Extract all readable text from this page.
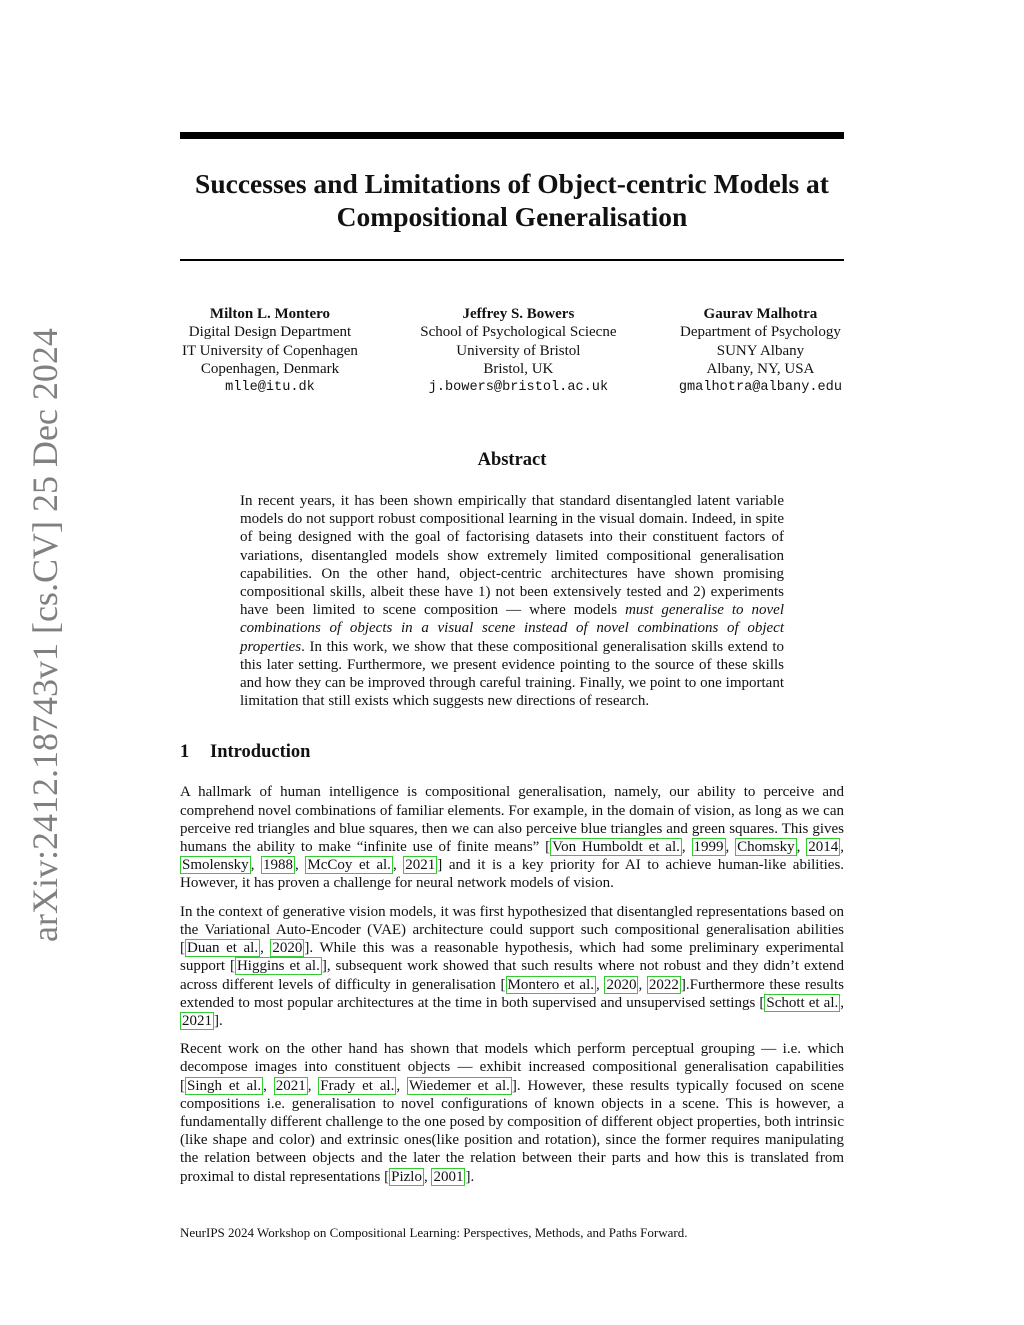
arXiv:2412.18743v1 [cs.CV] 25 Dec 2024
Successes and Limitations of Object-centric Models at
Compositional Generalisation
Milton L. Montero
Digital Design Department
IT University of Copenhagen
Copenhagen, Denmark
mlle@itu.dk
Jeffrey S. Bowers
School of Psychological Sciecne
University of Bristol
Bristol, UK
j.bowers@bristol.ac.uk
Gaurav Malhotra
Department of Psychology
SUNY Albany
Albany, NY, USA
gmalhotra@albany.edu
Abstract
In recent years, it has been shown empirically that standard disentangled latent variable models do not support robust compositional learning in the visual domain. Indeed, in spite of being designed with the goal of factorising datasets into their constituent factors of variations, disentangled models show extremely limited compositional generalisation capabilities. On the other hand, object-centric architectures have shown promising compositional skills, albeit these have 1) not been extensively tested and 2) experiments have been limited to scene composition — where models must generalise to novel combinations of objects in a visual scene instead of novel combinations of object properties. In this work, we show that these compositional generalisation skills extend to this later setting. Furthermore, we present evidence pointing to the source of these skills and how they can be improved through careful training. Finally, we point to one important limitation that still exists which suggests new directions of research.
1 Introduction
A hallmark of human intelligence is compositional generalisation, namely, our ability to perceive and comprehend novel combinations of familiar elements. For example, in the domain of vision, as long as we can perceive red triangles and blue squares, then we can also perceive blue triangles and green squares. This gives humans the ability to make “infinite use of finite means” [ Von Humboldt et al. , 1999 , Chomsky , 2014 , Smolensky , 1988 , McCoy et al. , 2021 ] and it is a key priority for AI to achieve human-like abilities. However, it has proven a challenge for neural network models of vision.
In the context of generative vision models, it was first hypothesized that disentangled representations based on the Variational Auto-Encoder (VAE) architecture could support such compositional generalisation abilities [ Duan et al. , 2020 ]. While this was a reasonable hypothesis, which had some preliminary experimental support [ Higgins et al. ], subsequent work showed that such results where not robust and they didn’t extend across different levels of difficulty in generalisation [ Montero et al. , 2020 , 2022 ].Furthermore these results extended to most popular architectures at the time in both supervised and unsupervised settings [ Schott et al. , 2021 ].
Recent work on the other hand has shown that models which perform perceptual grouping — i.e. which decompose images into constituent objects — exhibit increased compositional generalisation capabilities [ Singh et al. , 2021 , Frady et al. , Wiedemer et al. ]. However, these results typically focused on scene compositions i.e. generalisation to novel configurations of known objects in a scene. This is however, a fundamentally different challenge to the one posed by composition of different object properties, both intrinsic (like shape and color) and extrinsic ones(like position and rotation), since the former requires manipulating the relation between objects and the later the relation between their parts and how this is translated from proximal to distal representations [ Pizlo , 2001 ].
NeurIPS 2024 Workshop on Compositional Learning: Perspectives, Methods, and Paths Forward.
